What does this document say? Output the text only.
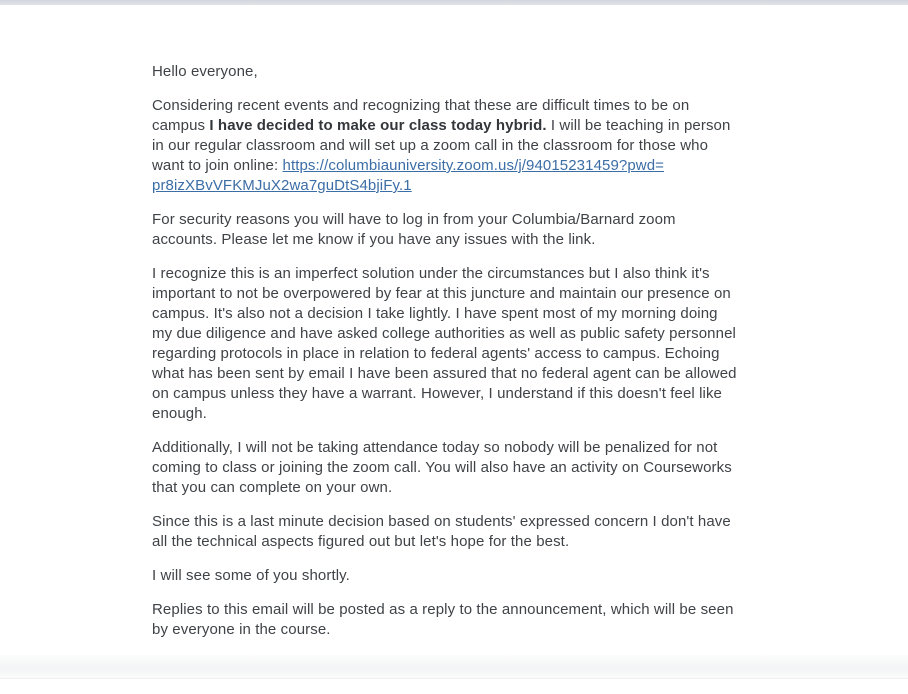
Hello everyone,

Considering recent events and recognizing that these are difficult times to be on campus I have decided to make our class today hybrid. I will be teaching in person in our regular classroom and will set up a zoom call in the classroom for those who want to join online: https://columbiauniversity.zoom.us/j/94015231459?pwd=
pr8izXBvVFKMJuX2wa7guDtS4bjiFy.1

For security reasons you will have to log in from your Columbia/Barnard zoom accounts. Please let me know if you have any issues with the link.

I recognize this is an imperfect solution under the circumstances but I also think it's important to not be overpowered by fear at this juncture and maintain our presence on campus. It's also not a decision I take lightly. I have spent most of my morning doing my due diligence and have asked college authorities as well as public safety personnel regarding protocols in place in relation to federal agents' access to campus. Echoing what has been sent by email I have been assured that no federal agent can be allowed on campus unless they have a warrant. However, I understand if this doesn't feel like enough.

Additionally, I will not be taking attendance today so nobody will be penalized for not coming to class or joining the zoom call. You will also have an activity on Courseworks that you can complete on your own.

Since this is a last minute decision based on students' expressed concern I don't have all the technical aspects figured out but let's hope for the best.

I will see some of you shortly.

Replies to this email will be posted as a reply to the announcement, which will be seen by everyone in the course.
